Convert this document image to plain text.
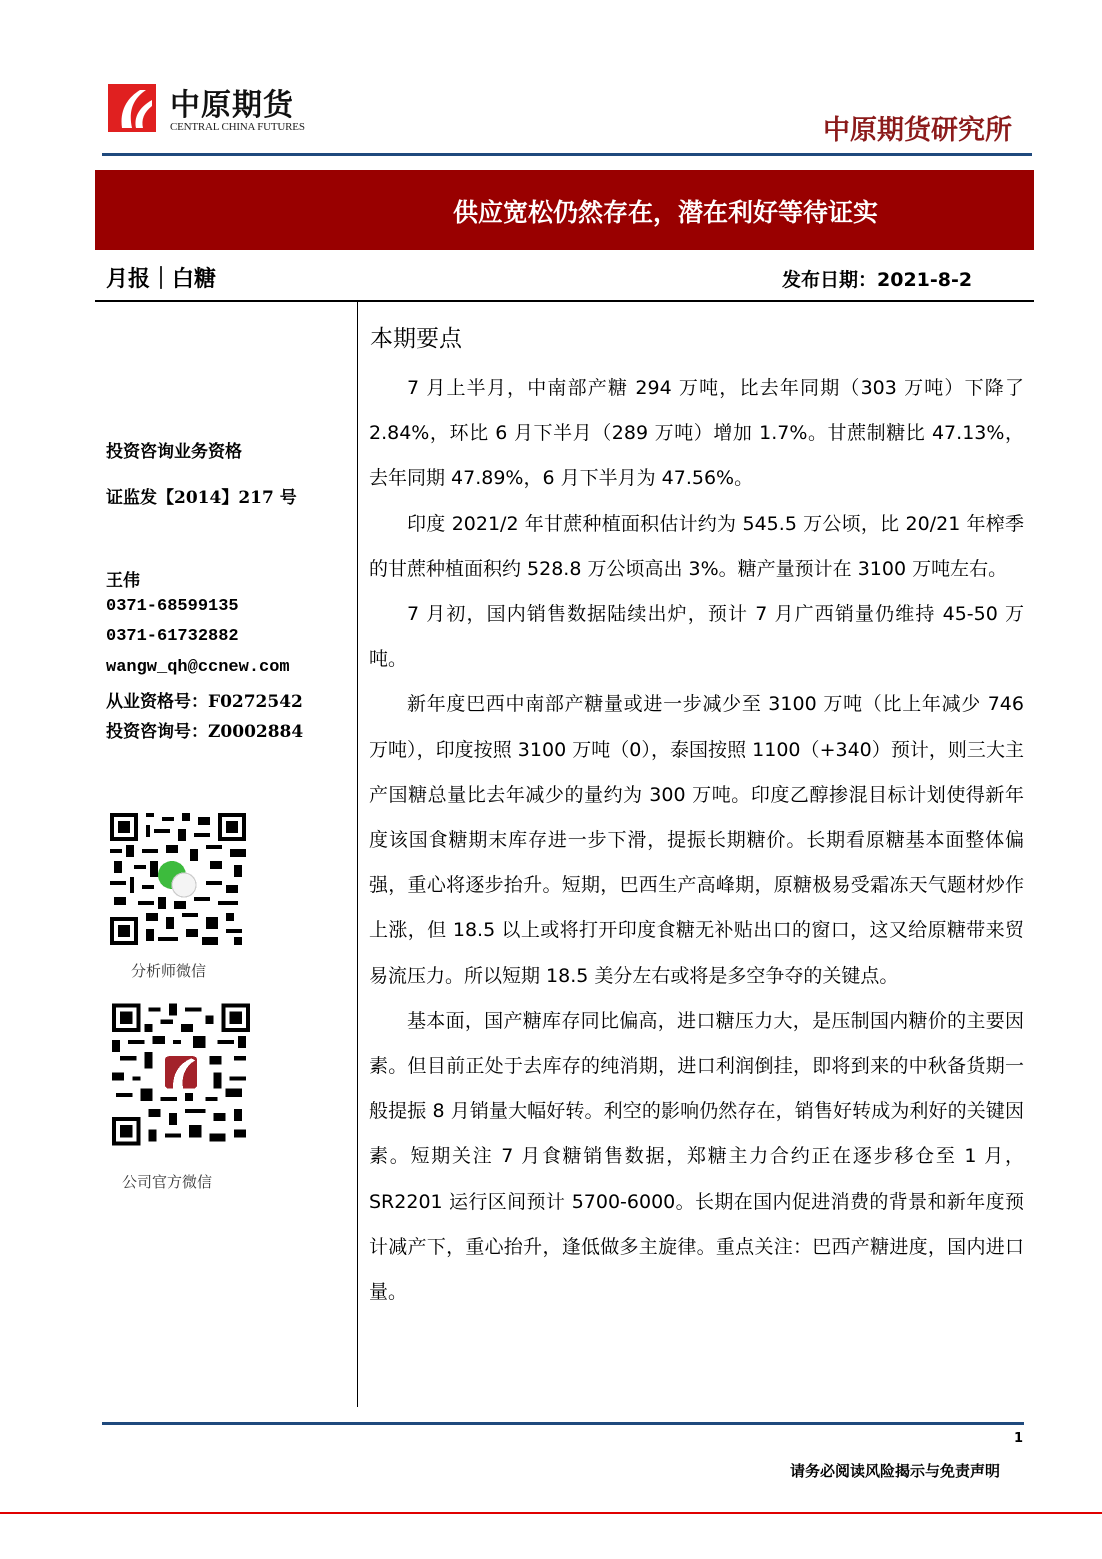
中原期货
CENTRAL CHINA FUTURES	中原期货研究所
供应宽松仍然存在，潜在利好等待证实
月报｜白糖	发布日期：2021-8-2
投资咨询业务资格
证监发【2014】217 号
王伟
0371-68599135
0371-61732882
wangw_qh@ccnew.com
从业资格号：F0272542
投资咨询号：Z0002884
分析师微信
公司官方微信
本期要点

7 月上半月，中南部产糖 294 万吨，比去年同期（303 万吨）下降了 2.84%，环比 6 月下半月（289 万吨）增加 1.7%。甘蔗制糖比 47.13%，去年同期 47.89%，6 月下半月为 47.56%。

印度 2021/2 年甘蔗种植面积估计约为 545.5 万公顷，比 20/21 年榨季的甘蔗种植面积约 528.8 万公顷高出 3%。糖产量预计在 3100 万吨左右。

7 月初，国内销售数据陆续出炉，预计 7 月广西销量仍维持 45-50 万吨。

新年度巴西中南部产糖量或进一步减少至 3100 万吨（比上年减少 746 万吨），印度按照 3100 万吨（0），泰国按照 1100（+340）预计，则三大主产国糖总量比去年减少的量约为 300 万吨。印度乙醇掺混目标计划使得新年度该国食糖期末库存进一步下滑，提振长期糖价。长期看原糖基本面整体偏强，重心将逐步抬升。短期，巴西生产高峰期，原糖极易受霜冻天气题材炒作上涨，但 18.5 以上或将打开印度食糖无补贴出口的窗口，这又给原糖带来贸易流压力。所以短期 18.5 美分左右或将是多空争夺的关键点。

基本面，国产糖库存同比偏高，进口糖压力大，是压制国内糖价的主要因素。但目前正处于去库存的纯消期，进口利润倒挂，即将到来的中秋备货期一般提振 8 月销量大幅好转。利空的影响仍然存在，销售好转成为利好的关键因素。短期关注 7 月食糖销售数据，郑糖主力合约正在逐步移仓至 1 月，SR2201 运行区间预计 5700-6000。长期在国内促进消费的背景和新年度预计减产下，重心抬升，逢低做多主旋律。重点关注：巴西产糖进度，国内进口量。

1
请务必阅读风险揭示与免责声明
